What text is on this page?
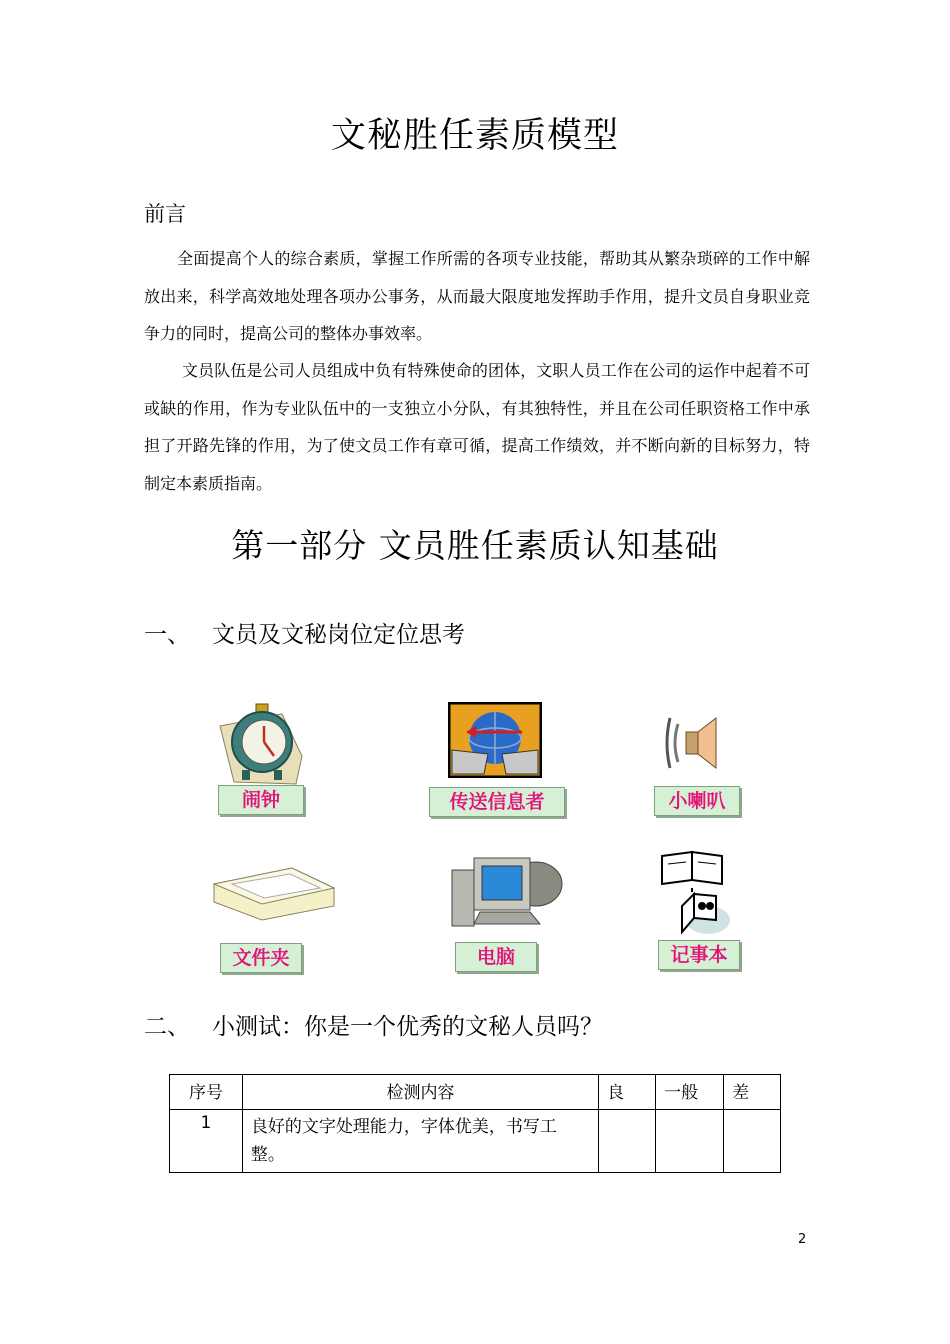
文秘胜任素质模型
前言

全面提高个人的综合素质，掌握工作所需的各项专业技能，帮助其从繁杂琐碎的工作中解放出来，科学高效地处理各项办公事务，从而最大限度地发挥助手作用，提升文员自身职业竞争力的同时，提高公司的整体办事效率。

文员队伍是公司人员组成中负有特殊使命的团体，文职人员工作在公司的运作中起着不可或缺的作用，作为专业队伍中的一支独立小分队，有其独特性，并且在公司任职资格工作中承担了开路先锋的作用，为了使文员工作有章可循，提高工作绩效，并不断向新的目标努力，特制定本素质指南。

第一部分 文员胜任素质认知基础
一、 文员及文秘岗位定位思考
闹钟	传送信息者	小喇叭
文件夹	电脑	记事本
二、 小测试：你是一个优秀的文秘人员吗？
序号	检测内容	良	一般	差
1	良好的文字处理能力，字体优美，书写工整。			
2
